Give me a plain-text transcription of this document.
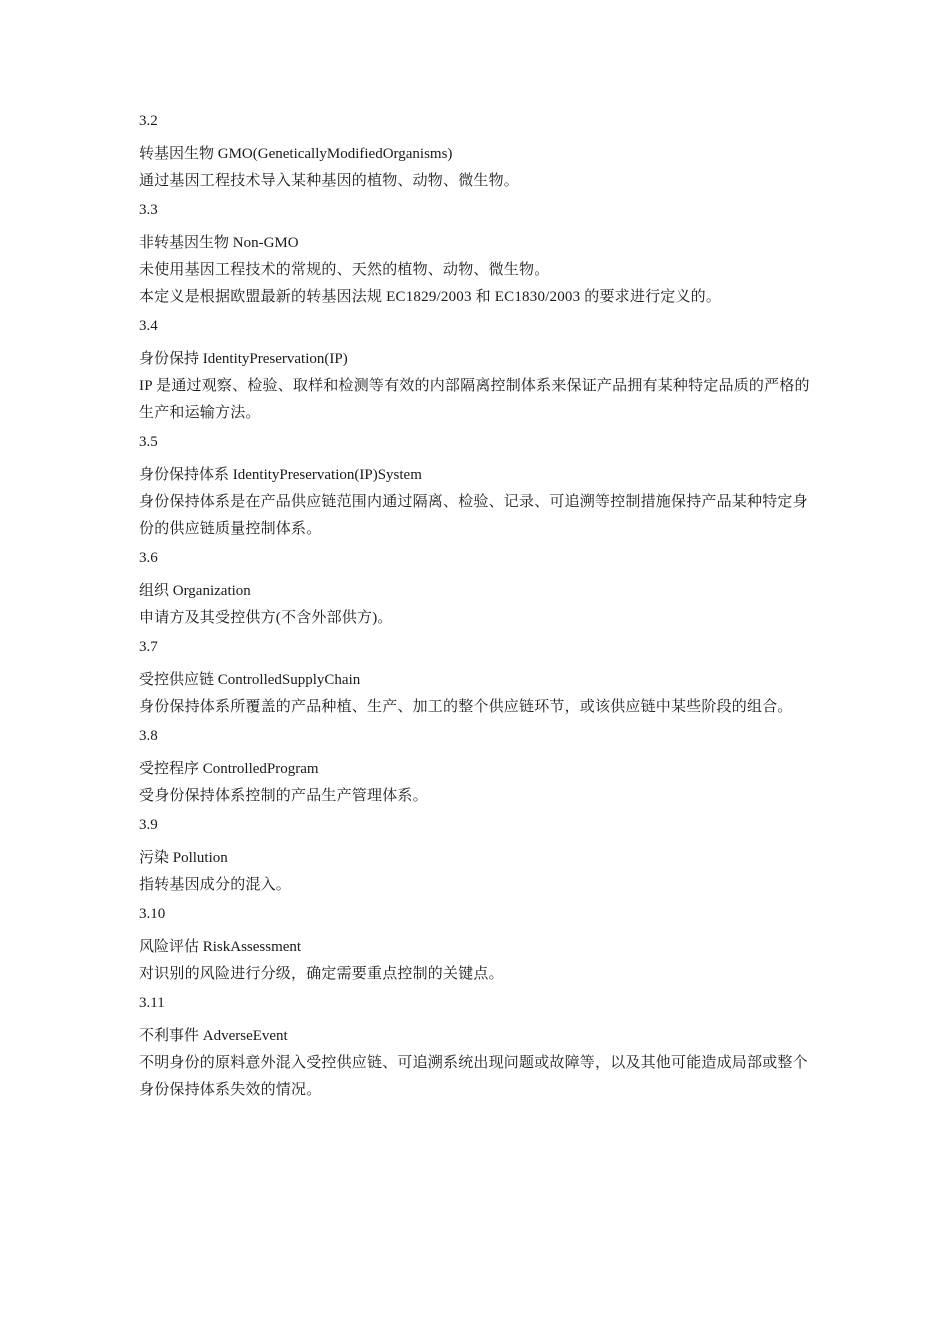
3.2
转基因生物 GMO(GeneticallyModifiedOrganisms)

通过基因工程技术导入某种基因的植物、动物、微生物。

3.3
非转基因生物 Non-GMO

未使用基因工程技术的常规的、天然的植物、动物、微生物。

本定义是根据欧盟最新的转基因法规 EC1829/2003 和 EC1830/2003 的要求进行定义的。

3.4
身份保持 IdentityPreservation(IP)

IP 是通过观察、检验、取样和检测等有效的内部隔离控制体系来保证产品拥有某种特定品质的严格的生产和运输方法。

3.5
身份保持体系 IdentityPreservation(IP)System

身份保持体系是在产品供应链范围内通过隔离、检验、记录、可追溯等控制措施保持产品某种特定身份的供应链质量控制体系。

3.6
组织 Organization

申请方及其受控供方(不含外部供方)。

3.7
受控供应链 ControlledSupplyChain

身份保持体系所覆盖的产品种植、生产、加工的整个供应链环节，或该供应链中某些阶段的组合。

3.8
受控程序 ControlledProgram

受身份保持体系控制的产品生产管理体系。

3.9
污染 Pollution

指转基因成分的混入。

3.10
风险评估 RiskAssessment

对识别的风险进行分级，确定需要重点控制的关键点。

3.11
不利事件 AdverseEvent

不明身份的原料意外混入受控供应链、可追溯系统出现问题或故障等，以及其他可能造成局部或整个身份保持体系失效的情况。
